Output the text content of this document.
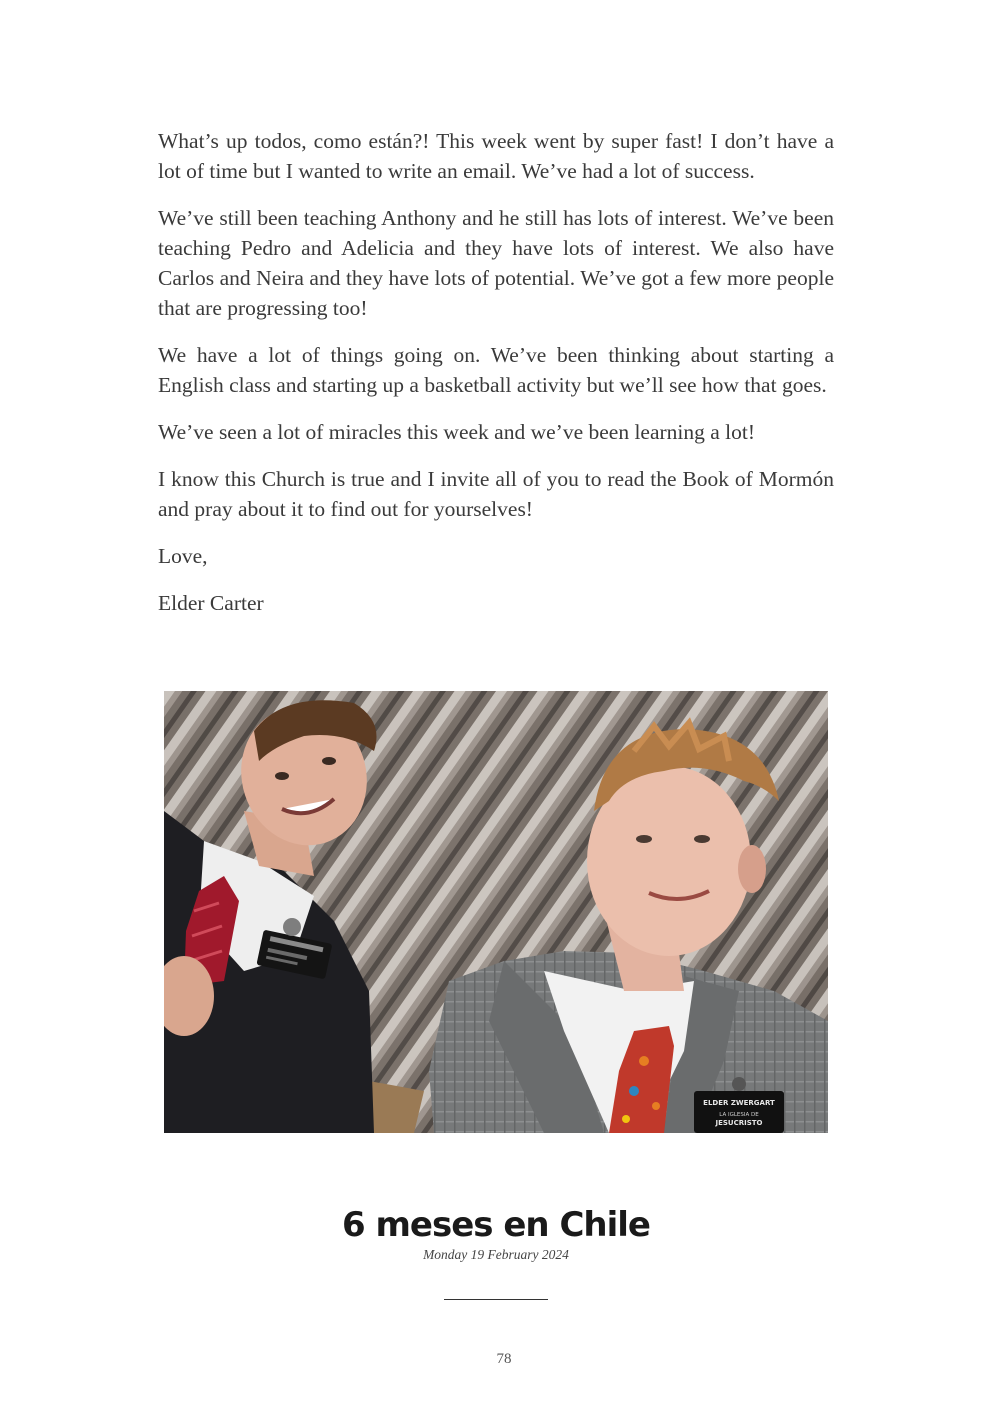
What’s up todos, como están?! This week went by super fast! I don’t have a lot of time but I wanted to write an email. We’ve had a lot of success.

We’ve still been teaching Anthony and he still has lots of interest. We’ve been teaching Pedro and Adelicia and they have lots of interest. We also have Carlos and Neira and they have lots of potential. We’ve got a few more people that are progressing too!

We have a lot of things going on. We’ve been thinking about starting a English class and starting up a basketball activity but we’ll see how that goes.

We’ve seen a lot of miracles this week and we’ve been learning a lot!

I know this Church is true and I invite all of you to read the Book of Mormón and pray about it to find out for yourselves!

Love,

Elder Carter

ELDER ZWERGART
LA IGLESIA DE
JESUCRISTO
6 meses en Chile
Monday 19 February 2024
78
